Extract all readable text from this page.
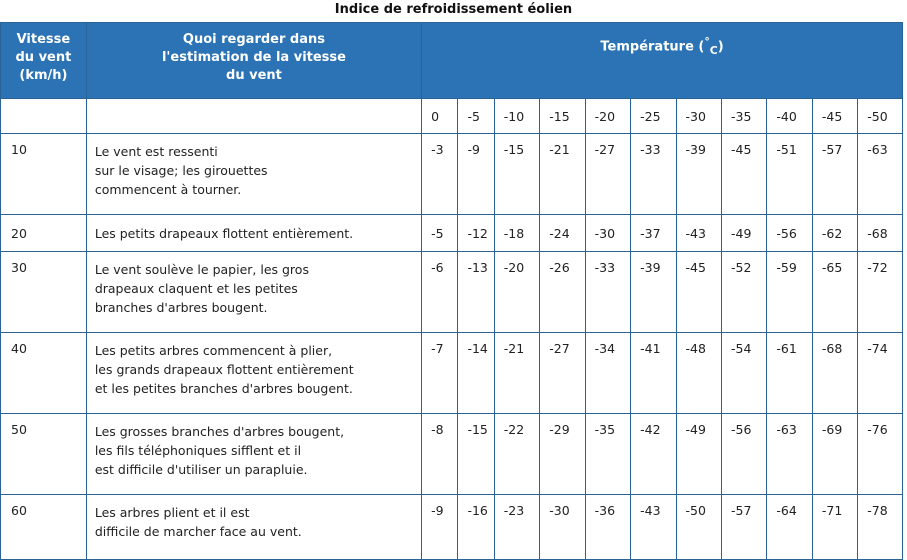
Indice de refroidissement éolien
Vitesse
du vent
(km/h)	Quoi regarder dans
l'estimation de la vitesse
du vent	Température $(^\circ_C)$										
		0	-5	-10	-15	-20	-25	-30	-35	-40	-45	-50
10	Le vent est ressenti
sur le visage; les girouettes
commencent à tourner.	-3	-9	-15	-21	-27	-33	-39	-45	-51	-57	-63
20	Les petits drapeaux flottent entièrement.	-5	-12	-18	-24	-30	-37	-43	-49	-56	-62	-68
30	Le vent soulève le papier, les gros
drapeaux claquent et les petites
branches d'arbres bougent.	-6	-13	-20	-26	-33	-39	-45	-52	-59	-65	-72
40	Les petits arbres commencent à plier,
les grands drapeaux flottent entièrement
et les petites branches d'arbres bougent.	-7	-14	-21	-27	-34	-41	-48	-54	-61	-68	-74
50	Les grosses branches d'arbres bougent,
les fils téléphoniques sifflent et il
est difficile d'utiliser un parapluie.	-8	-15	-22	-29	-35	-42	-49	-56	-63	-69	-76
60	Les arbres plient et il est
difficile de marcher face au vent.	-9	-16	-23	-30	-36	-43	-50	-57	-64	-71	-78
